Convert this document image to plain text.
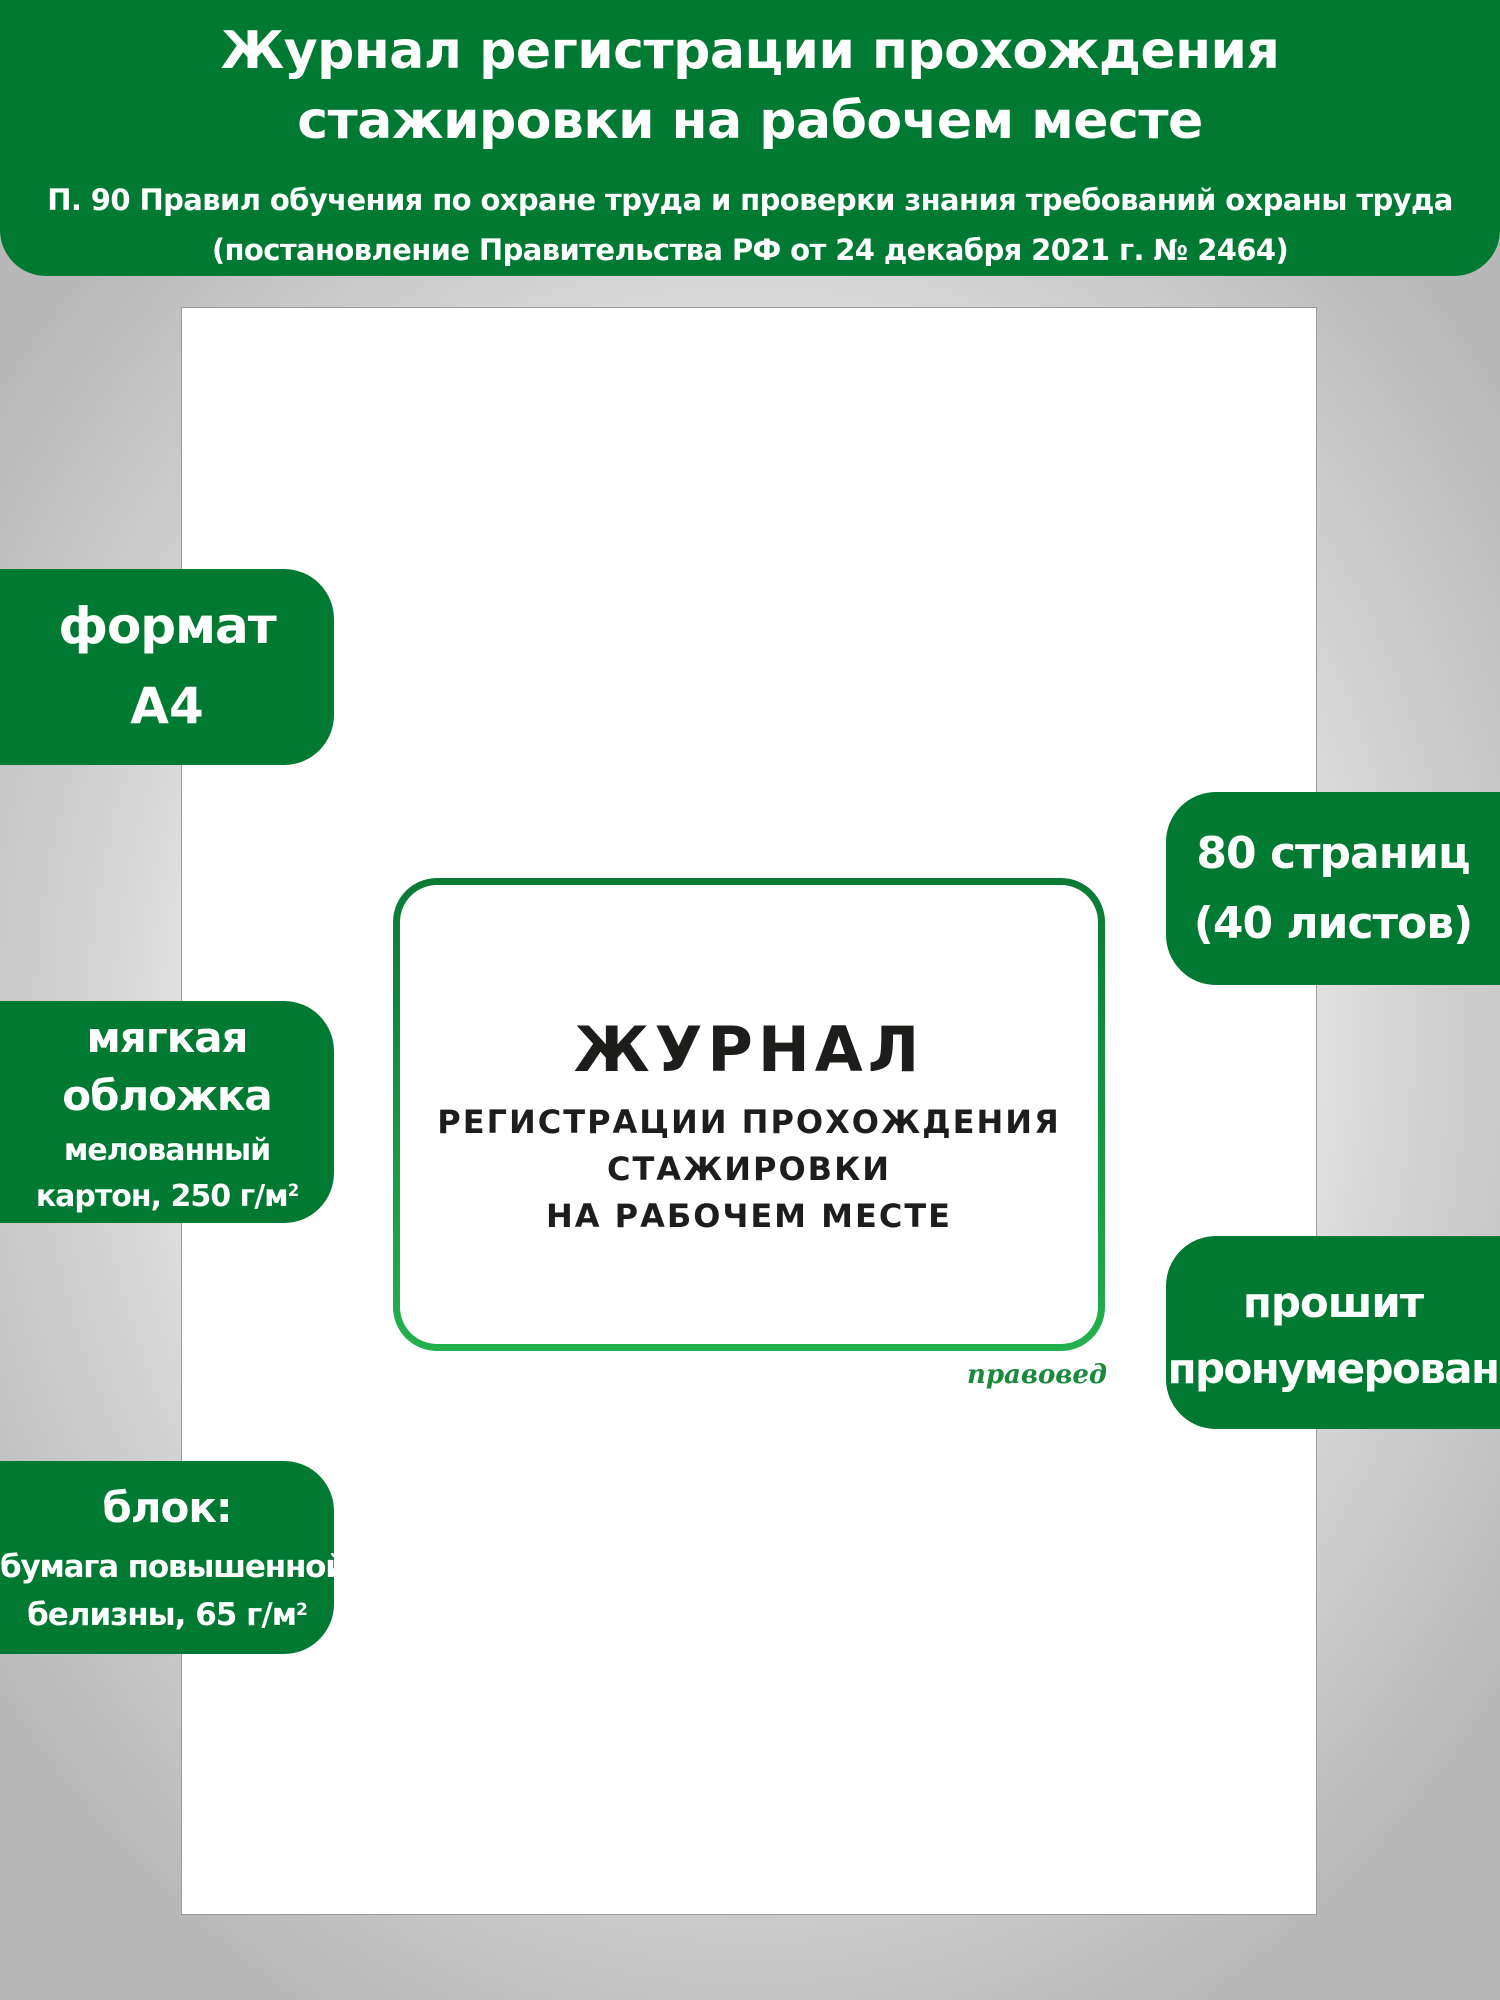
Журнал регистрации прохождения
стажировки на рабочем месте
П. 90 Правил обучения по охране труда и проверки знания требований охраны труда
(постановление Правительства РФ от 24 декабря 2021 г. № 2464)
ЖУРНАЛ
РЕГИСТРАЦИИ ПРОХОЖДЕНИЯ
СТАЖИРОВКИ
НА РАБОЧЕМ МЕСТЕ
правовед
формат
А4
мягкая
обложка
мелованный
картон, 250 $г/м^2$
блок:
бумага повышенной
белизны, 65 $г/м^2$
80 страниц
(40 листов)
прошит
пронумерован
